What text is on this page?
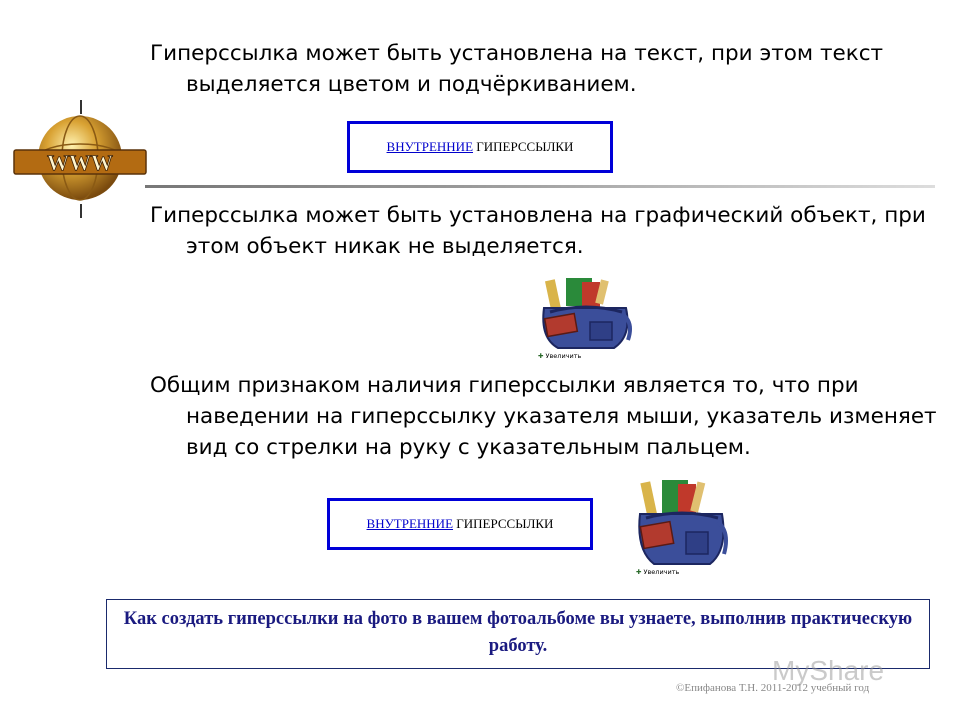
WWW
Гиперссылка может быть установлена на текст, при этом текст выделяется цветом и подчёркиванием.
ВНУТРЕННИЕ ГИПЕРССЫЛКИ
Гиперссылка может быть установлена на графический объект, при этом объект никак не выделяется.
✚ Увеличить
Общим признаком наличия гиперссылки является то, что при наведении на гиперссылку указателя мыши, указатель изменяет вид со стрелки на руку с указательным пальцем.
ВНУТРЕННИЕ ГИПЕРССЫЛКИ
✚ Увеличить
Как создать гиперссылки на фото в вашем фотоальбоме вы узнаете, выполнив практическую работу.
MyShare
©Епифанова Т.Н. 2011-2012 учебный год
